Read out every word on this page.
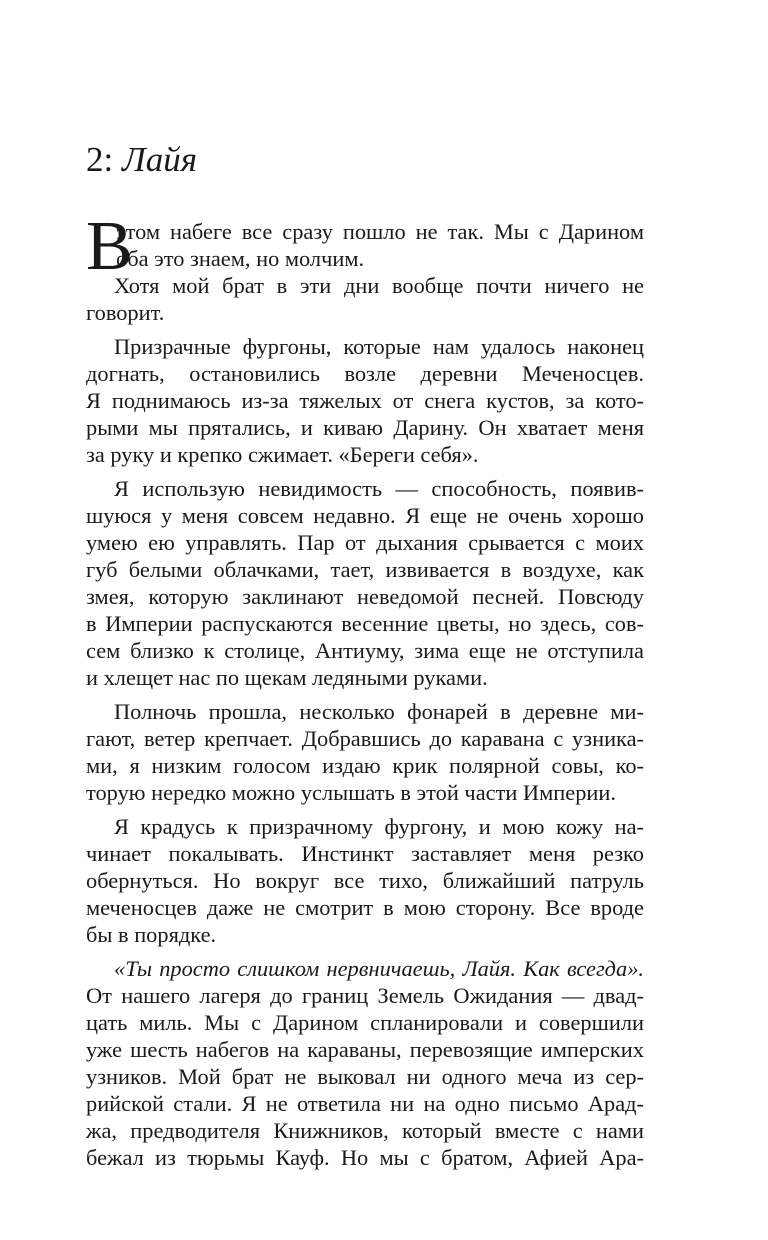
2: Лайя
В
этом набеге все сразу пошло не так. Мы с Дарином
оба это знаем, но молчим.
Хотя мой брат в эти дни вообще почти ничего не
говорит.
Призрачные фургоны, которые нам удалось наконец
догнать, остановились возле деревни Меченосцев.
Я поднимаюсь из-за тяжелых от снега кустов, за кото-
рыми мы прятались, и киваю Дарину. Он хватает меня
за руку и крепко сжимает. «Береги себя».
Я использую невидимость — способность, появив-
шуюся у меня совсем недавно. Я еще не очень хорошо
умею ею управлять. Пар от дыхания срывается с моих
губ белыми облачками, тает, извивается в воздухе, как
змея, которую заклинают неведомой песней. Повсюду
в Империи распускаются весенние цветы, но здесь, сов-
сем близко к столице, Антиуму, зима еще не отступила
и хлещет нас по щекам ледяными руками.
Полночь прошла, несколько фонарей в деревне ми-
гают, ветер крепчает. Добравшись до каравана с узника-
ми, я низким голосом издаю крик полярной совы, ко-
торую нередко можно услышать в этой части Империи.
Я крадусь к призрачному фургону, и мою кожу на-
чинает покалывать. Инстинкт заставляет меня резко
обернуться. Но вокруг все тихо, ближайший патруль
меченосцев даже не смотрит в мою сторону. Все вроде
бы в порядке.
«Ты просто слишком нервничаешь, Лайя. Как всегда».
От нашего лагеря до границ Земель Ожидания — двад-
цать миль. Мы с Дарином спланировали и совершили
уже шесть набегов на караваны, перевозящие имперских
узников. Мой брат не выковал ни одного меча из сер-
рийской стали. Я не ответила ни на одно письмо Арад-
жа, предводителя Книжников, который вместе с нами
бежал из тюрьмы Кауф. Но мы с братом, Афией Ара-
